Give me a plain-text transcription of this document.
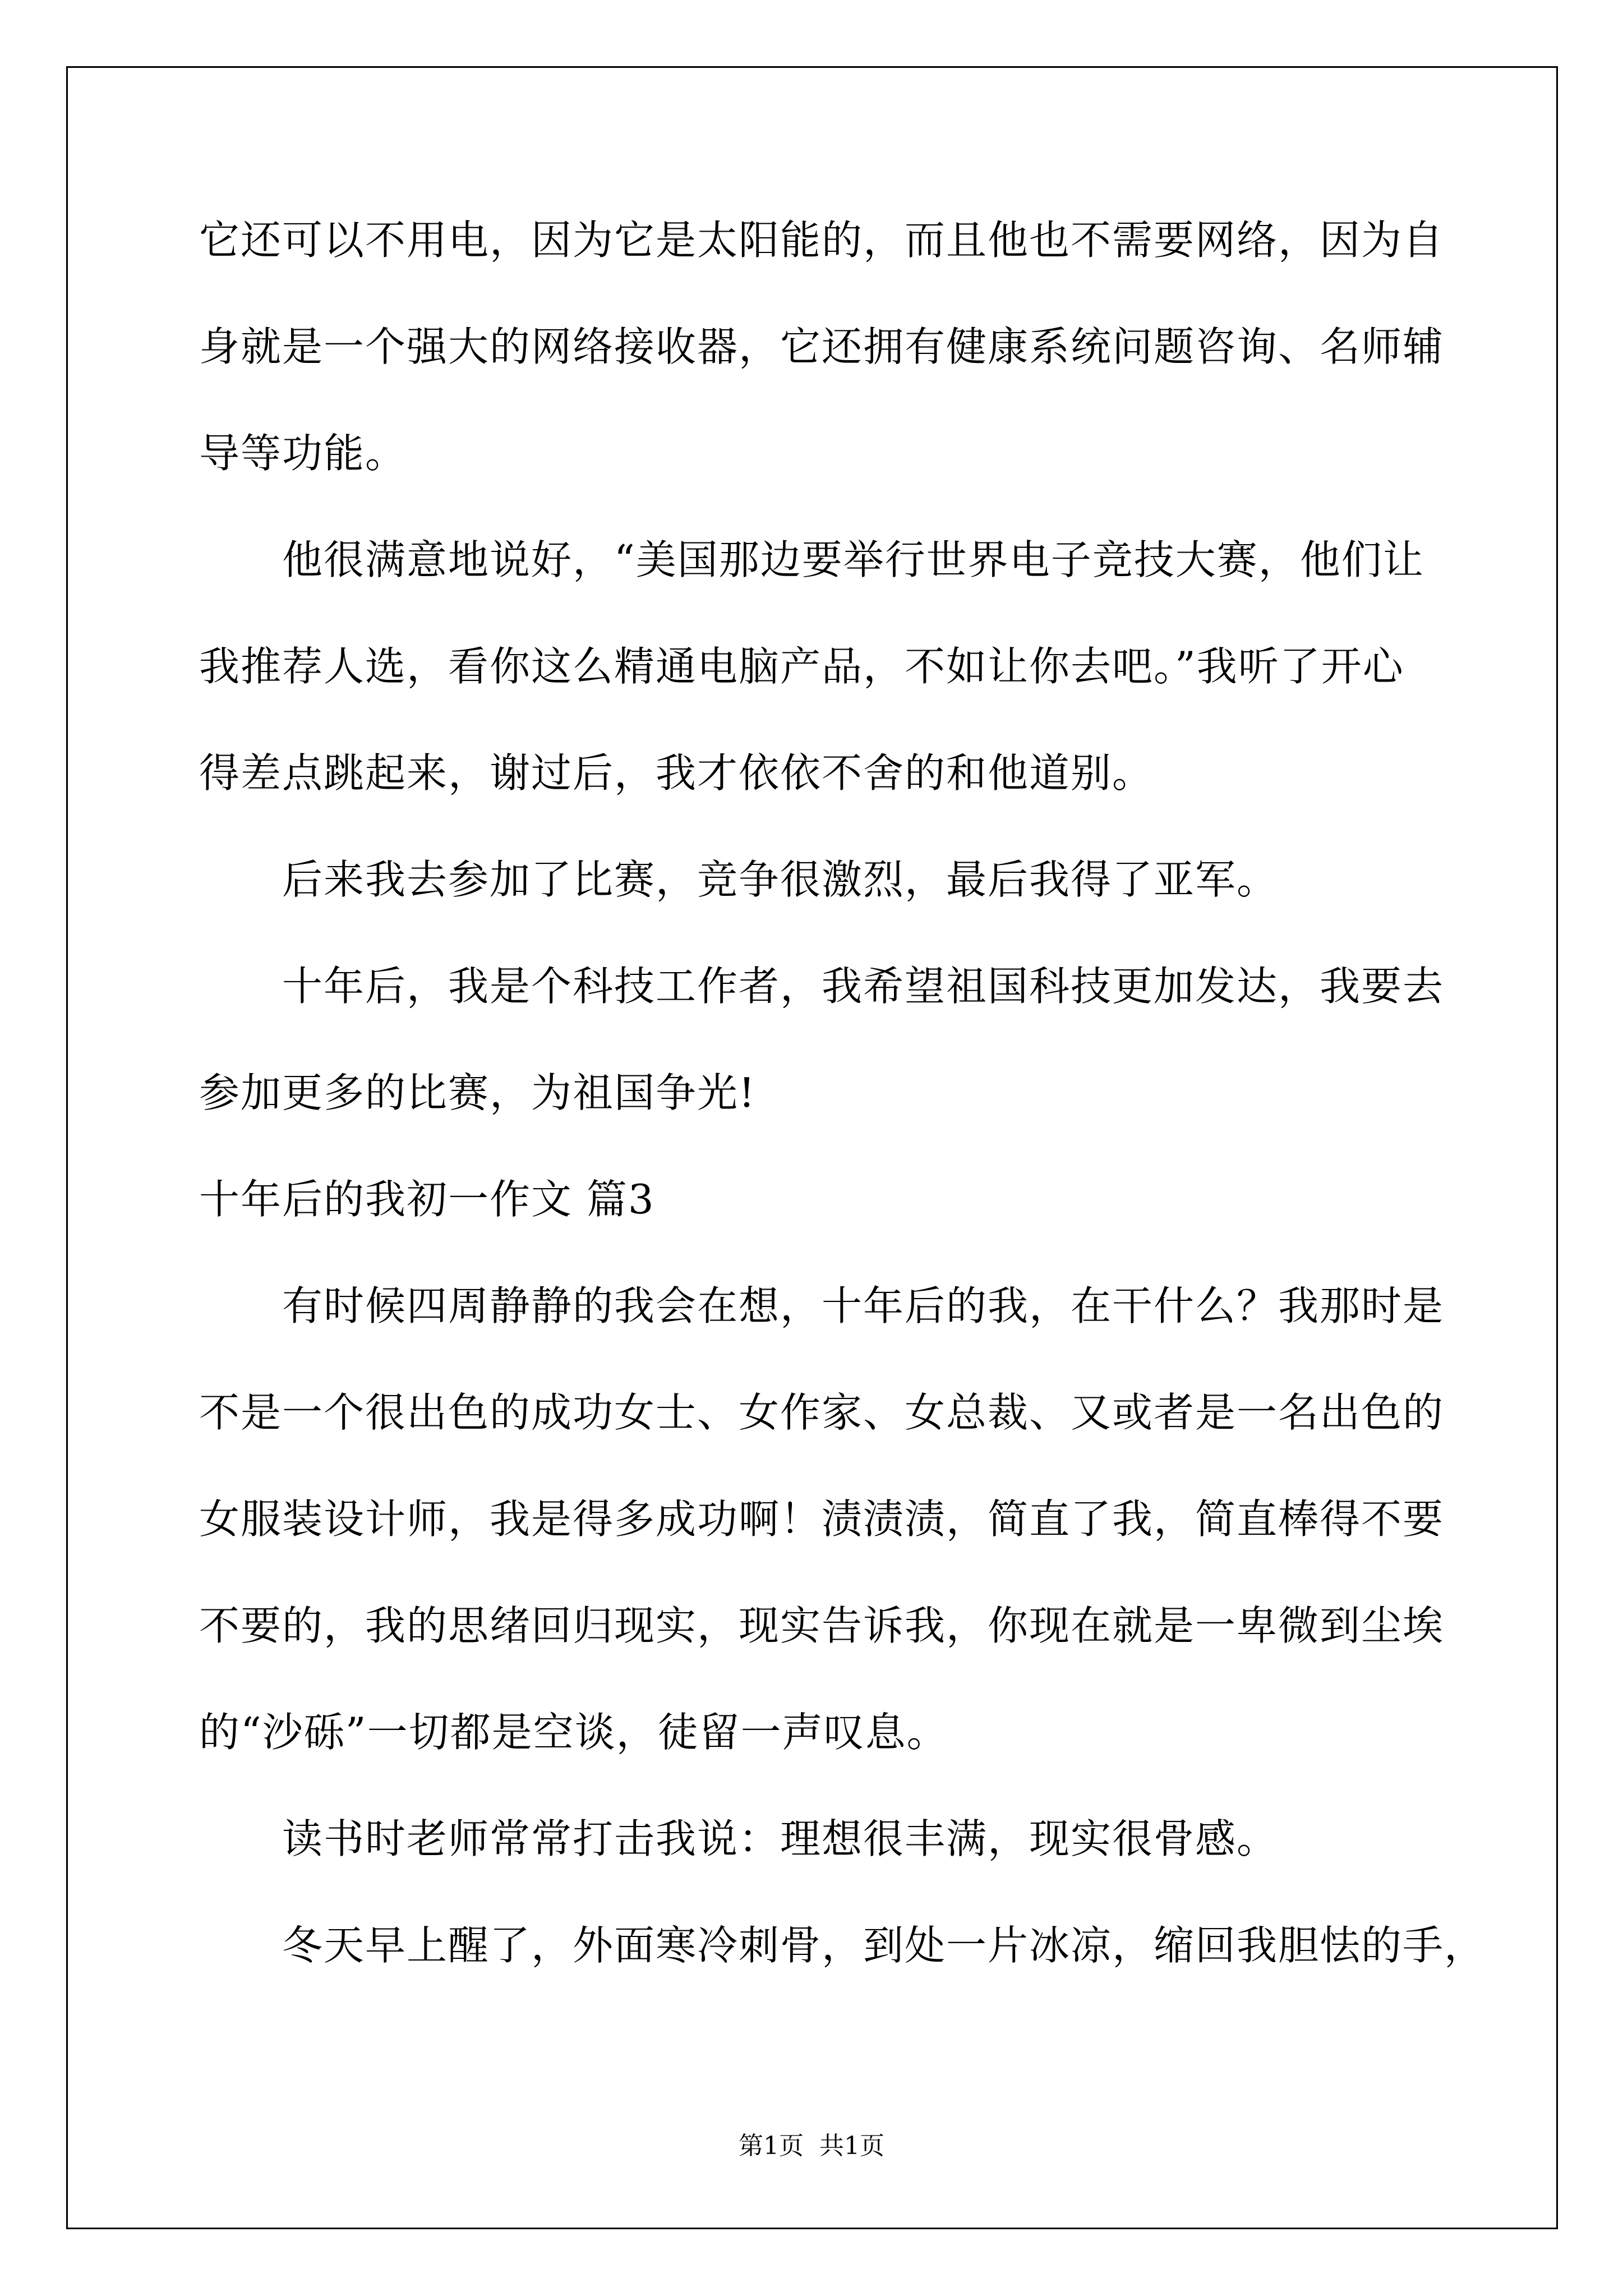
它还可以不用电，因为它是太阳能的，而且他也不需要网络，因为自
身就是一个强大的网络接收器，它还拥有健康系统问题咨询、名师辅
导等功能。
　　他很满意地说好，“美国那边要举行世界电子竞技大赛，他们让
我推荐人选，看你这么精通电脑产品，不如让你去吧。”我听了开心
得差点跳起来，谢过后，我才依依不舍的和他道别。
　　后来我去参加了比赛，竞争很激烈，最后我得了亚军。
　　十年后，我是个科技工作者，我希望祖国科技更加发达，我要去
参加更多的比赛，为祖国争光!
十年后的我初一作文 篇3
　　有时候四周静静的我会在想，十年后的我，在干什么？我那时是
不是一个很出色的成功女士、女作家、女总裁、又或者是一名出色的
女服装设计师，我是得多成功啊！渍渍渍，简直了我，简直棒得不要
不要的，我的思绪回归现实，现实告诉我，你现在就是一卑微到尘埃
的“沙砾”一切都是空谈，徒留一声叹息。
　　读书时老师常常打击我说：理想很丰满，现实很骨感。
　　冬天早上醒了，外面寒冷刺骨，到处一片冰凉，缩回我胆怯的手，
第1页  共1页
